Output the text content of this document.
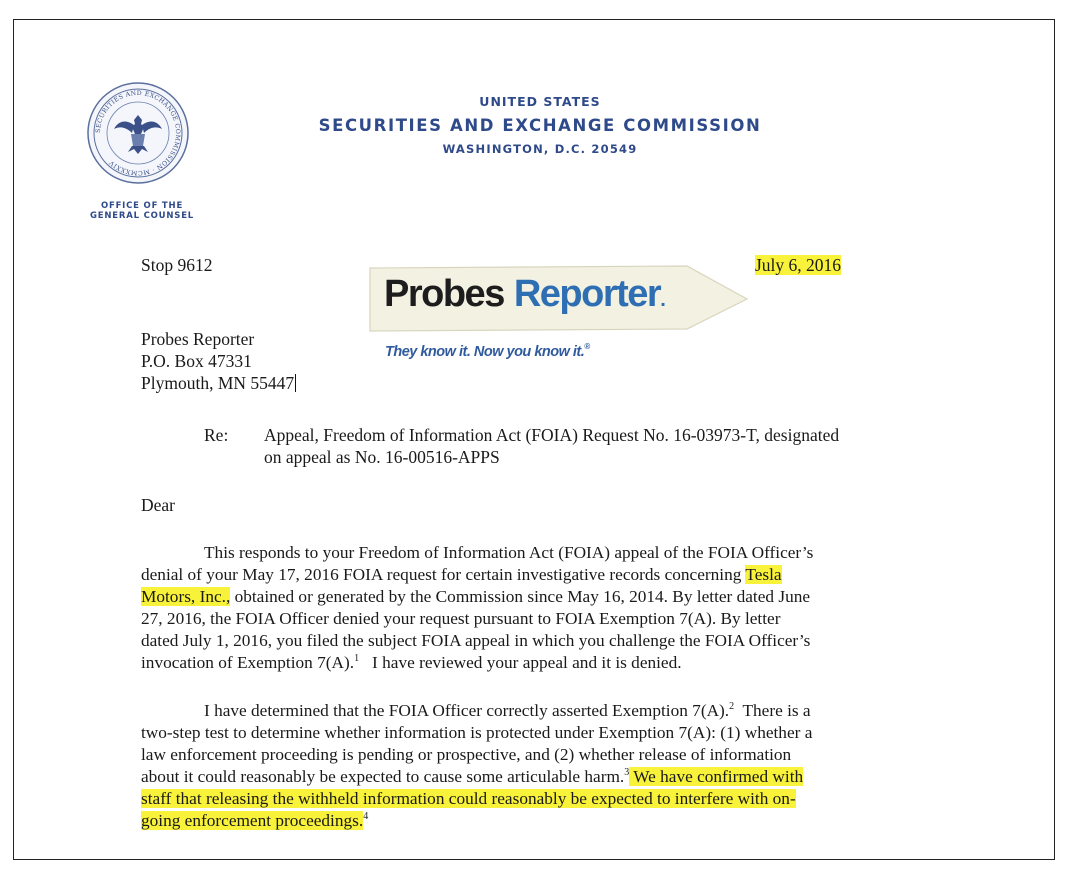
SECURITIES AND EXCHANGE COMMISSION · MCMXXXIV
OFFICE OF THE
GENERAL COUNSEL
UNITED STATES
SECURITIES AND EXCHANGE COMMISSION
WASHINGTON, D.C. 20549
Stop 9612	July 6, 2016
Probes Reporter.
They know it. Now you know it.®
Probes Reporter
P.O. Box 47331
Plymouth, MN 55447
Re: Appeal, Freedom of Information Act (FOIA) Request No. 16-03973-T, designated
on appeal as No. 16-00516-APPS
Dear
This responds to your Freedom of Information Act (FOIA) appeal of the FOIA Officer’s
denial of your May 17, 2016 FOIA request for certain investigative records concerning Tesla
Motors, Inc., obtained or generated by the Commission since May 16, 2014. By letter dated June
27, 2016, the FOIA Officer denied your request pursuant to FOIA Exemption 7(A). By letter
dated July 1, 2016, you filed the subject FOIA appeal in which you challenge the FOIA Officer’s
invocation of Exemption 7(A).$^1$   I have reviewed your appeal and it is denied.
I have determined that the FOIA Officer correctly asserted Exemption 7(A).$^2$  There is a
two-step test to determine whether information is protected under Exemption 7(A): (1) whether a
law enforcement proceeding is pending or prospective, and (2) whether release of information
about it could reasonably be expected to cause some articulable harm.$^3$ We have confirmed with
staff that releasing the withheld information could reasonably be expected to interfere with on-
going enforcement proceedings.$^4$
